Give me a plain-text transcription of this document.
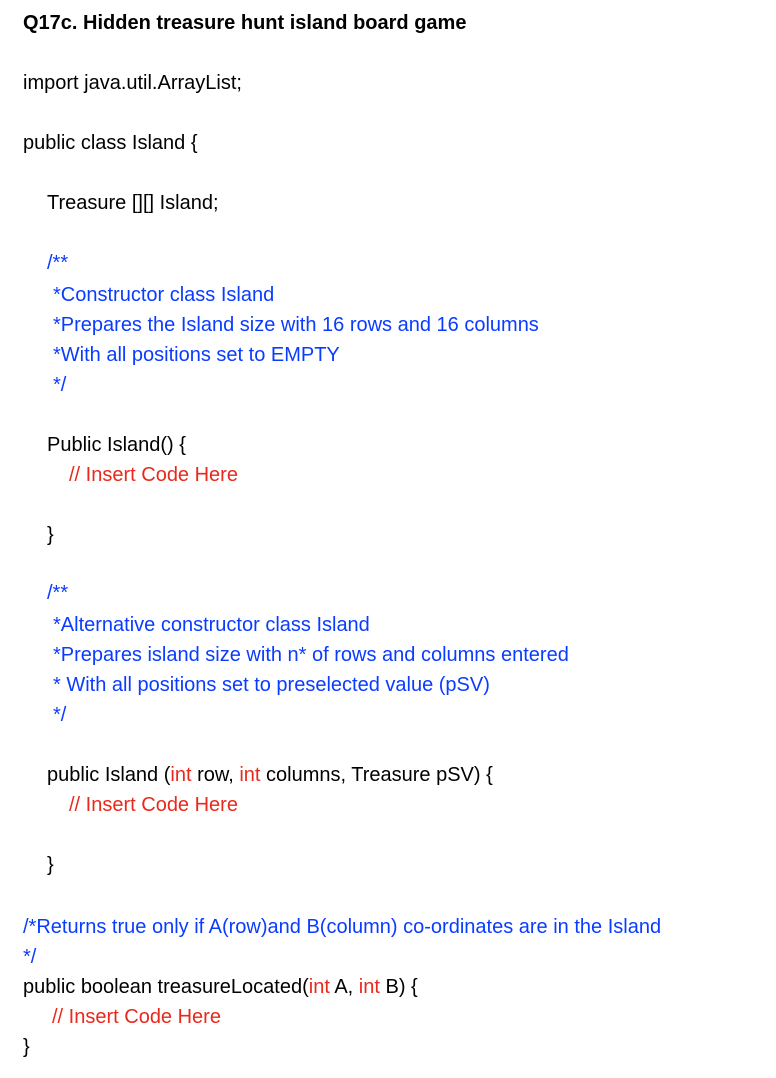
Q17c. Hidden treasure hunt island board game
import java.util.ArrayList;
public class Island {
Treasure [][] Island;
/**
*Constructor class Island
*Prepares the Island size with 16 rows and 16 columns
*With all positions set to EMPTY
*/
Public Island() {
// Insert Code Here
}
/**
*Alternative constructor class Island
*Prepares island size with n* of rows and columns entered
* With all positions set to preselected value (pSV)
*/
public Island (int row, int columns, Treasure pSV) {
// Insert Code Here
}
/*Returns true only if A(row)and B(column) co-ordinates are in the Island
*/
public boolean treasureLocated(int A, int B) {
// Insert Code Here
}
